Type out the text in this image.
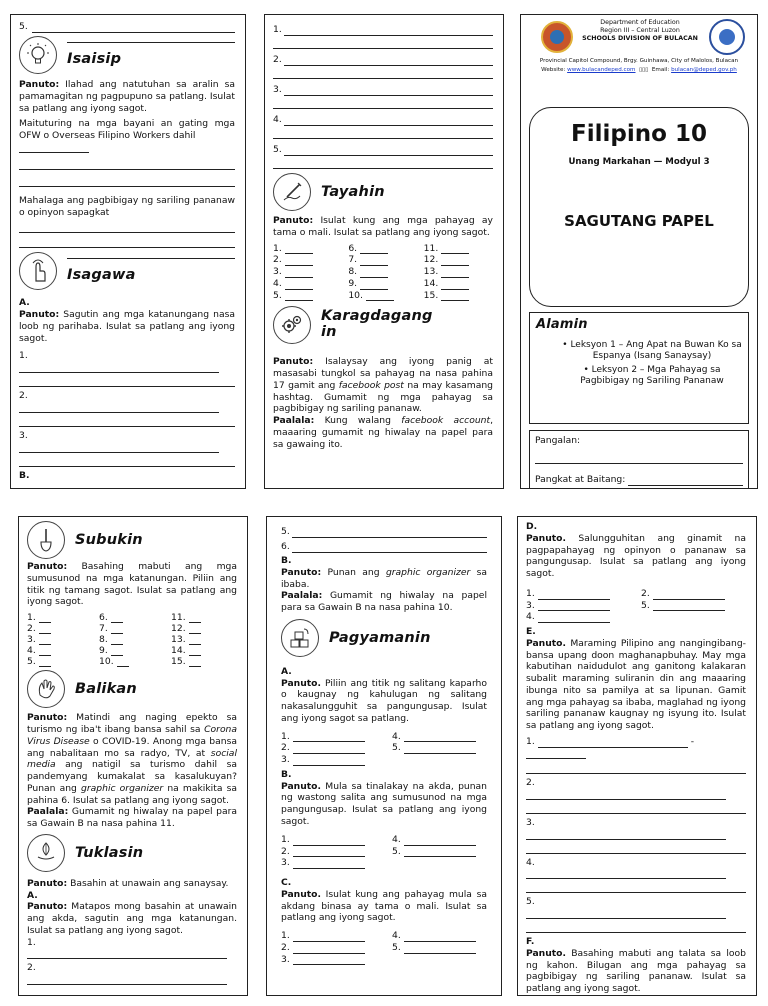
5.
Isaisip

Panuto: Ilahad ang natutuhan sa aralin sa pamamagitan ng pagpupuno sa patlang. Isulat sa patlang ang iyong sagot.

Maituturing na mga bayani an gating mga OFW o Overseas Filipino Workers dahil

Mahalaga ang pagbibigay ng sariling pananaw o opinyon sapagkat

Isagawa
A.

Panuto: Sagutin ang mga katanungang nasa loob ng parihaba. Isulat sa patlang ang iyong sagot.

1.
2.
3.
B.
1.
2.
3.
4.
5.
Tayahin

Panuto: Isulat kung ang mga pahayag ay tama o mali. Isulat sa patlang ang iyong sagot.

1.	6.	11.
2.	7.	12.
3.	8.	13.
4.	9.	14.
5.	10.	15.
Karagdagang
in

Panuto: Isalaysay ang iyong panig at masasabi tungkol sa pahayag na nasa pahina 17 gamit ang facebook post na may kasamang hashtag. Gumamit ng mga pahayag sa pagbibigay ng sariling pananaw.

Paalala: Kung walang facebook account, maaaring gumamit ng hiwalay na papel para sa gawaing ito.

Department of Education
Region III – Central Luzon
SCHOOLS DIVISION OF BULACAN
Provincial Capitol Compound, Brgy. Guinhawa, City of Malolos, Bulacan
Website: www.bulacandeped.com ▯▯▯ Email: bulacan@deped.gov.ph
Filipino 10
Unang Markahan — Modyul 3
SAGUTANG PAPEL
Alamin
• Leksyon 1 – Ang Apat na Buwan Ko sa Espanya (Isang Sanaysay)
• Leksyon 2 – Mga Pahayag sa Pagbibigay ng Sariling Pananaw
Pangalan:
Pangkat at Baitang:
Subukin

Panuto: Basahing mabuti ang mga sumusunod na mga katanungan. Piliin ang titik ng tamang sagot. Isulat sa patlang ang iyong sagot.

1.	6.	11.
2.	7.	12.
3.	8.	13.
4.	9.	14.
5.	10.	15.
Balikan

Panuto: Matindi ang naging epekto sa turismo ng iba't ibang bansa sahil sa Corona Virus Disease o COVID-19. Anong mga bansa ang nabalitaan mo sa radyo, TV, at social media ang natigil sa turismo dahil sa pandemyang kumakalat sa kasalukuyan? Punan ang graphic organizer na makikita sa pahina 6. Isulat sa patlang ang iyong sagot.

Paalala: Gumamit ng hiwalay na papel para sa Gawain B na nasa pahina 11.

Tuklasin

Panuto: Basahin at unawain ang sanaysay.

A.

Panuto: Matapos mong basahin at unawain ang akda, sagutin ang mga katanungan. Isulat sa patlang ang iyong sagot.

1.
2.
5.
6.
B.

Panuto: Punan ang graphic organizer sa ibaba.

Paalala: Gumamit ng hiwalay na papel para sa Gawain B na nasa pahina 10.

Pagyamanin
A.

Panuto. Piliin ang titik ng salitang kaparho o kaugnay ng kahulugan ng salitang nakasalungguhit sa pangungusap. Isulat ang iyong sagot sa patlang.

1.	4.
2.	5.
3.
B.

Panuto. Mula sa tinalakay na akda, punan ng wastong salita ang sumusunod na mga pangungusap. Isulat sa patlang ang iyong sagot.

1.	4.
2.	5.
3.
C.

Panuto. Isulat kung ang pahayag mula sa akdang binasa ay tama o mali. Isulat sa patlang ang iyong sagot.

1.	4.
2.	5.
3.
D.

Panuto. Salungguhitan ang ginamit na pagpapahayag ng opinyon o pananaw sa pangungusap. Isulat sa patlang ang iyong sagot.

1.	2.
3.	5.
4.
E.

Panuto. Maraming Pilipino ang nangingibang-bansa upang doon maghanapbuhay. May mga kabutihan naidudulot ang ganitong kalakaran subalit maraming suliranin din ang maaaring ibunga nito sa pamilya at sa lipunan. Gamit ang mga pahayag sa ibaba, maglahad ng iyong sariling pananaw kaugnay ng isyung ito. Isulat sa patlang ang iyong sagot.

1.	-
2.
3.
4.
5.
F.

Panuto. Basahing mabuti ang talata sa loob ng kahon. Bilugan ang mga pahayag sa pagbibigay ng sariling pananaw. Isulat sa patlang ang iyong sagot.
